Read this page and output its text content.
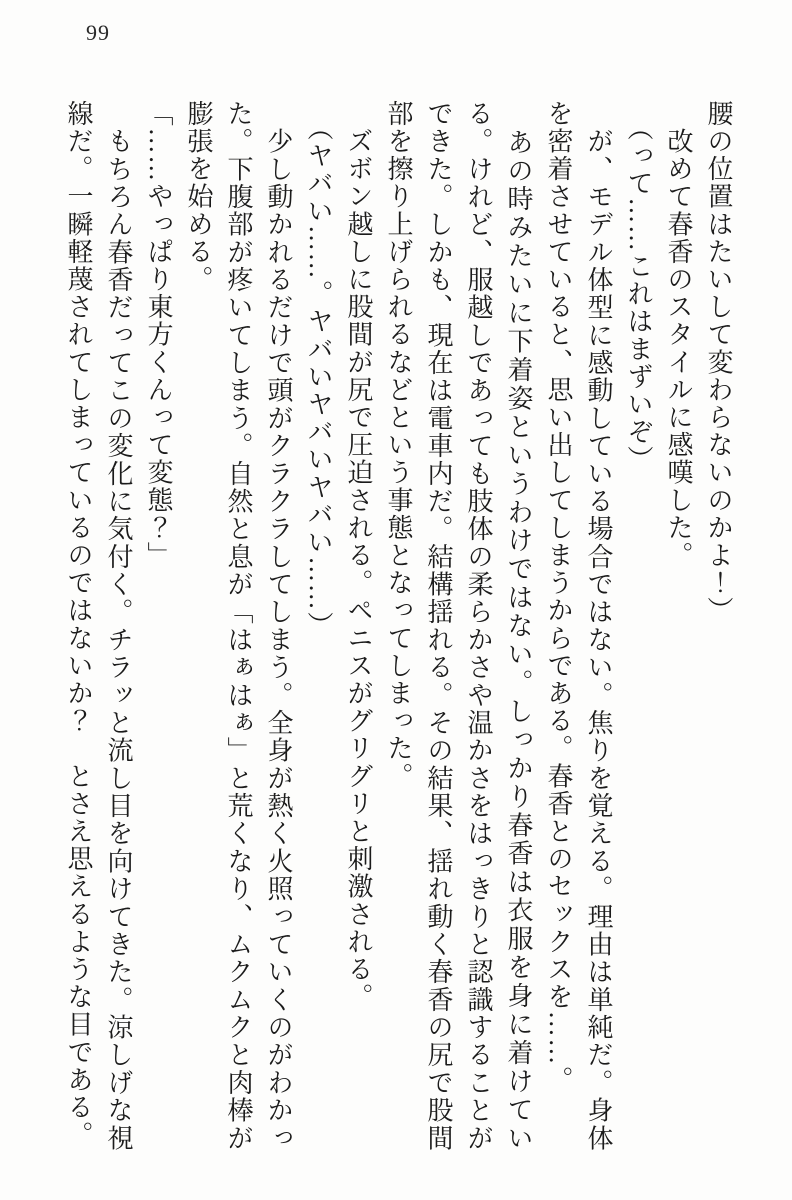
99

腰の位置はたいして変わらないのかよ！）

　改めて春香のスタイルに感嘆した。

　（って……これはまずいぞ）

　が、モデル体型に感動している場合ではない。焦りを覚える。理由は単純だ。身体を密着させていると、思い出してしまうからである。春香とのセックスを……。

　あの時みたいに下着姿というわけではない。しっかり春香は衣服を身に着けている。けれど、服越しであっても肢体の柔らかさや温かさをはっきりと認識することができた。しかも、現在は電車内だ。結構揺れる。その結果、揺れ動く春香の尻で股間部を擦り上げられるなどという事態となってしまった。

　ズボン越しに股間が尻で圧迫される。ペニスがグリグリと刺激される。

　（ヤバい……。ヤバいヤバいヤバい……）

　少し動かれるだけで頭がクラクラしてしまう。全身が熱く火照っていくのがわかった。下腹部が疼いてしまう。自然と息が「はぁはぁ」と荒くなり、ムクムクと肉棒が膨張を始める。

「……やっぱり東方くんって変態？」

　もちろん春香だってこの変化に気付く。チラッと流し目を向けてきた。涼しげな視線だ。一瞬軽蔑されてしまっているのではないか？　とさえ思えるような目である。
